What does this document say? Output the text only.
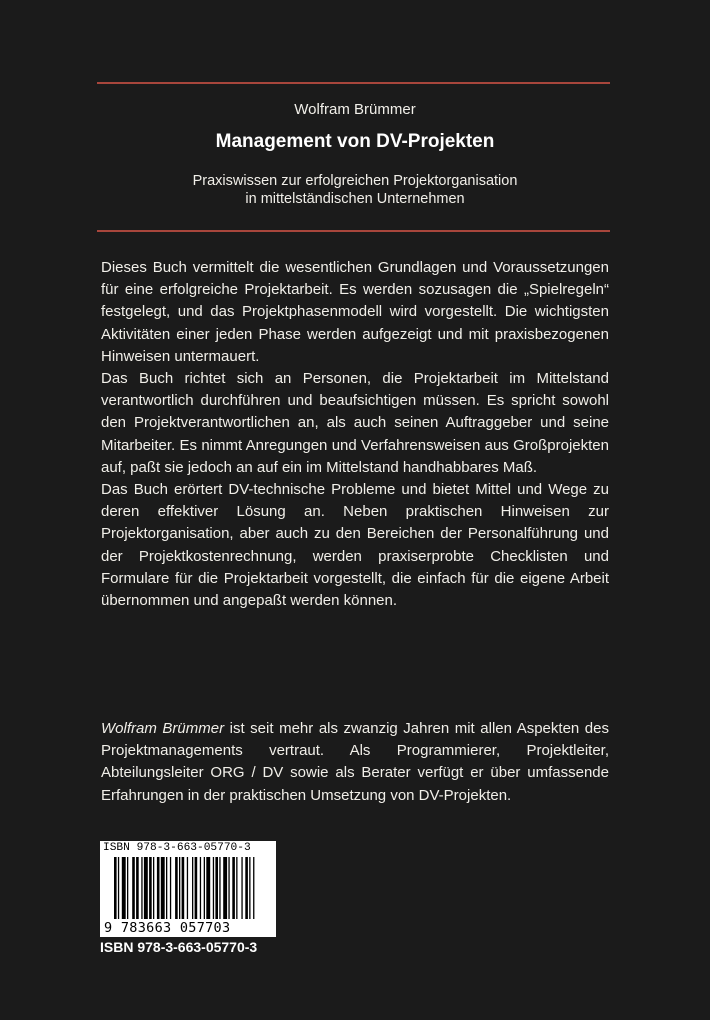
Wolfram Brümmer
Management von DV-Projekten
Praxiswissen zur erfolgreichen Projektorganisation
in mittelständischen Unternehmen

Dieses Buch vermittelt die wesentlichen Grundlagen und Voraussetzungen für eine erfolgreiche Projektarbeit. Es werden sozusagen die „Spielregeln“ festgelegt, und das Projektphasenmodell wird vorgestellt. Die wichtigsten Aktivitäten einer jeden Phase werden aufgezeigt und mit praxisbezogenen Hinweisen untermauert.

Das Buch richtet sich an Personen, die Projektarbeit im Mittelstand verantwortlich durchführen und beaufsichtigen müssen. Es spricht sowohl den Projektverantwortlichen an, als auch seinen Auftraggeber und seine Mitarbeiter. Es nimmt Anregungen und Verfahrensweisen aus Großprojekten auf, paßt sie jedoch an auf ein im Mittelstand handhabbares Maß.

Das Buch erörtert DV-technische Probleme und bietet Mittel und Wege zu deren effektiver Lösung an. Neben praktischen Hinweisen zur Projektorganisation, aber auch zu den Bereichen der Personalführung und der Projektkostenrechnung, werden praxiserprobte Checklisten und Formulare für die Projektarbeit vorgestellt, die einfach für die eigene Arbeit übernommen und angepaßt werden können.

Wolfram Brümmer ist seit mehr als zwanzig Jahren mit allen Aspekten des Projektmanagements vertraut. Als Programmierer, Projektleiter, Abteilungsleiter ORG / DV sowie als Berater verfügt er über umfassende Erfahrungen in der praktischen Umsetzung von DV-Projekten.

ISBN 978-3-663-05770-3
9 783663 057703
ISBN 978-3-663-05770-3
